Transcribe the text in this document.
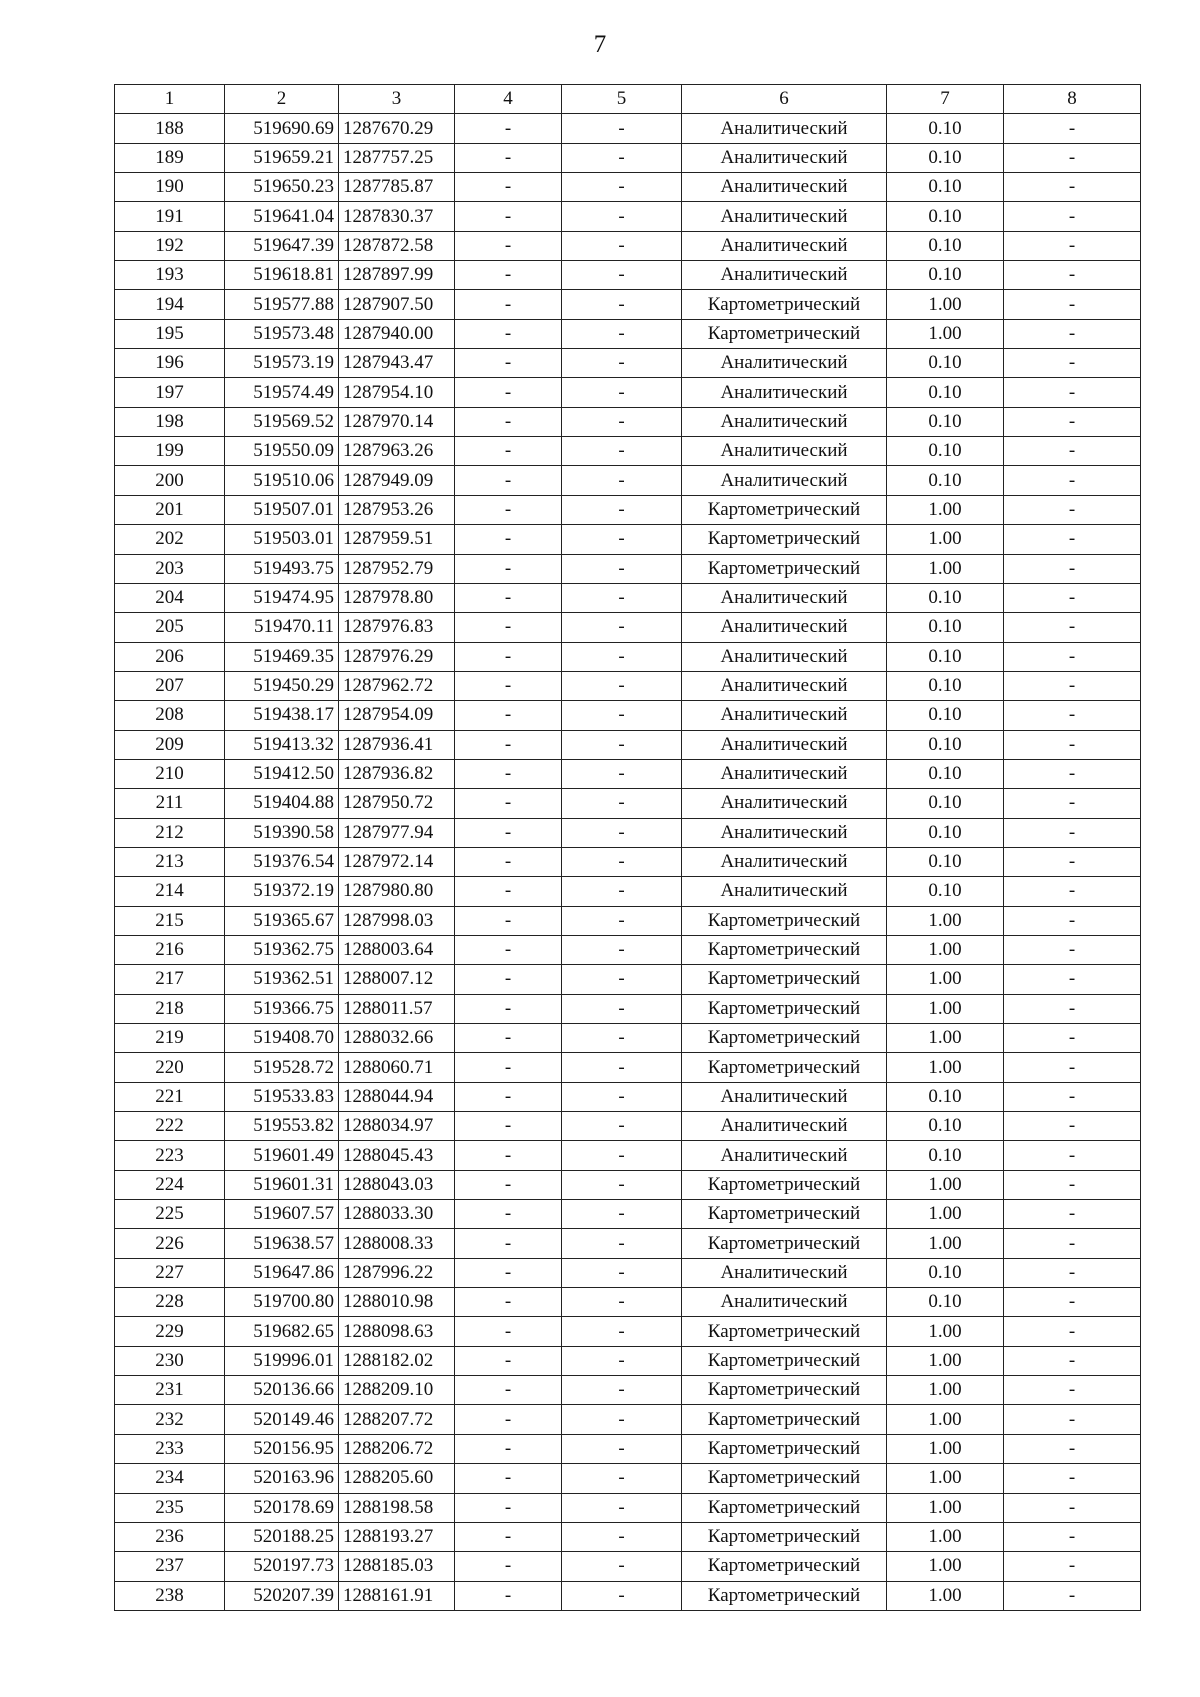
7
1	2	3	4	5	6	7	8
188	519690.69	1287670.29	-	-	Аналитический	0.10	-
189	519659.21	1287757.25	-	-	Аналитический	0.10	-
190	519650.23	1287785.87	-	-	Аналитический	0.10	-
191	519641.04	1287830.37	-	-	Аналитический	0.10	-
192	519647.39	1287872.58	-	-	Аналитический	0.10	-
193	519618.81	1287897.99	-	-	Аналитический	0.10	-
194	519577.88	1287907.50	-	-	Картометрический	1.00	-
195	519573.48	1287940.00	-	-	Картометрический	1.00	-
196	519573.19	1287943.47	-	-	Аналитический	0.10	-
197	519574.49	1287954.10	-	-	Аналитический	0.10	-
198	519569.52	1287970.14	-	-	Аналитический	0.10	-
199	519550.09	1287963.26	-	-	Аналитический	0.10	-
200	519510.06	1287949.09	-	-	Аналитический	0.10	-
201	519507.01	1287953.26	-	-	Картометрический	1.00	-
202	519503.01	1287959.51	-	-	Картометрический	1.00	-
203	519493.75	1287952.79	-	-	Картометрический	1.00	-
204	519474.95	1287978.80	-	-	Аналитический	0.10	-
205	519470.11	1287976.83	-	-	Аналитический	0.10	-
206	519469.35	1287976.29	-	-	Аналитический	0.10	-
207	519450.29	1287962.72	-	-	Аналитический	0.10	-
208	519438.17	1287954.09	-	-	Аналитический	0.10	-
209	519413.32	1287936.41	-	-	Аналитический	0.10	-
210	519412.50	1287936.82	-	-	Аналитический	0.10	-
211	519404.88	1287950.72	-	-	Аналитический	0.10	-
212	519390.58	1287977.94	-	-	Аналитический	0.10	-
213	519376.54	1287972.14	-	-	Аналитический	0.10	-
214	519372.19	1287980.80	-	-	Аналитический	0.10	-
215	519365.67	1287998.03	-	-	Картометрический	1.00	-
216	519362.75	1288003.64	-	-	Картометрический	1.00	-
217	519362.51	1288007.12	-	-	Картометрический	1.00	-
218	519366.75	1288011.57	-	-	Картометрический	1.00	-
219	519408.70	1288032.66	-	-	Картометрический	1.00	-
220	519528.72	1288060.71	-	-	Картометрический	1.00	-
221	519533.83	1288044.94	-	-	Аналитический	0.10	-
222	519553.82	1288034.97	-	-	Аналитический	0.10	-
223	519601.49	1288045.43	-	-	Аналитический	0.10	-
224	519601.31	1288043.03	-	-	Картометрический	1.00	-
225	519607.57	1288033.30	-	-	Картометрический	1.00	-
226	519638.57	1288008.33	-	-	Картометрический	1.00	-
227	519647.86	1287996.22	-	-	Аналитический	0.10	-
228	519700.80	1288010.98	-	-	Аналитический	0.10	-
229	519682.65	1288098.63	-	-	Картометрический	1.00	-
230	519996.01	1288182.02	-	-	Картометрический	1.00	-
231	520136.66	1288209.10	-	-	Картометрический	1.00	-
232	520149.46	1288207.72	-	-	Картометрический	1.00	-
233	520156.95	1288206.72	-	-	Картометрический	1.00	-
234	520163.96	1288205.60	-	-	Картометрический	1.00	-
235	520178.69	1288198.58	-	-	Картометрический	1.00	-
236	520188.25	1288193.27	-	-	Картометрический	1.00	-
237	520197.73	1288185.03	-	-	Картометрический	1.00	-
238	520207.39	1288161.91	-	-	Картометрический	1.00	-
